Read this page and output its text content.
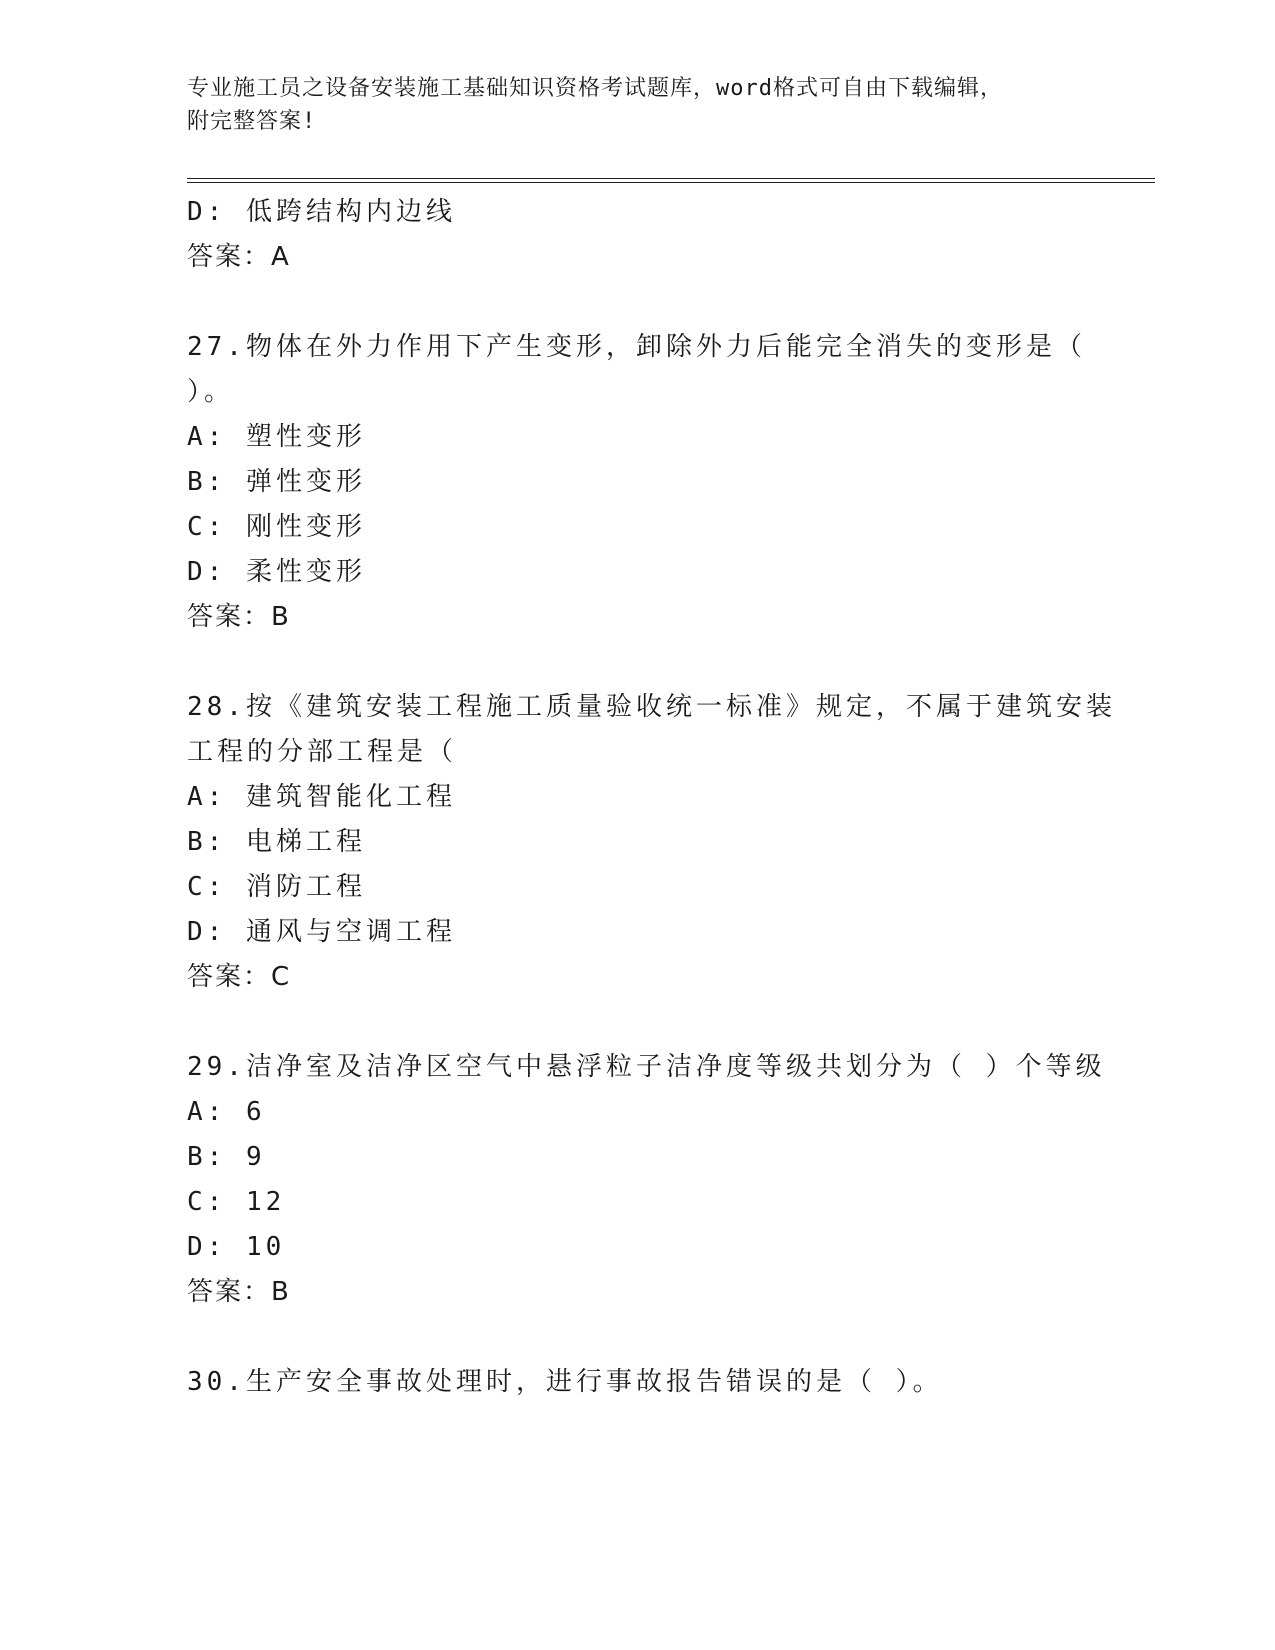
专业施工员之设备安装施工基础知识资格考试题库，word格式可自由下载编辑，
附完整答案!
D: 低跨结构内边线
答案：A
27.物体在外力作用下产生变形，卸除外力后能完全消失的变形是（
）。
A: 塑性变形
B: 弹性变形
C: 刚性变形
D: 柔性变形
答案：B
28.按《建筑安装工程施工质量验收统一标准》规定，不属于建筑安装
工程的分部工程是（
A: 建筑智能化工程
B: 电梯工程
C: 消防工程
D: 通风与空调工程
答案：C
29.洁净室及洁净区空气中悬浮粒子洁净度等级共划分为（ ）个等级
A: 6
B: 9
C: 12
D: 10
答案：B
30.生产安全事故处理时，进行事故报告错误的是（ ）。
